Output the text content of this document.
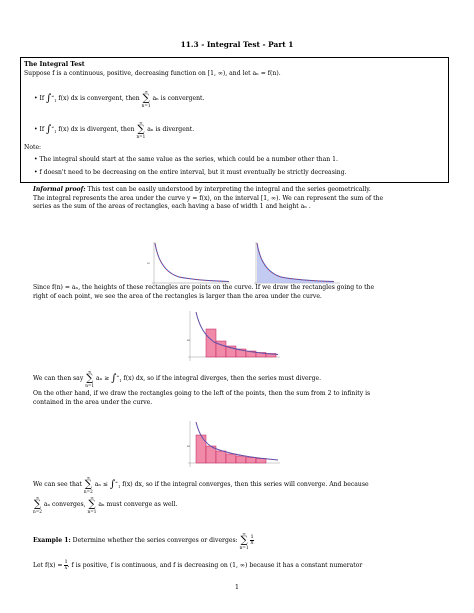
11.3 - Integral Test - Part 1
The Integral Test
Suppose f is a continuous, positive, decreasing function on [1, ∞), and let aₙ = f(n).
• If $\int^\infty_1$ f(x) dx is convergent, then
∞
∑
n=1
aₙ is convergent.
• If $\int^\infty_1$ f(x) dx is divergent, then
∞
∑
n=1
aₙ is divergent.
Note:
• The integral should start at the same value as the series, which could be a number other than 1.
• f doesn't need to be decreasing on the entire interval, but it must eventually be strictly decreasing.
Informal proof: This test can be easily understood by interpreting the integral and the series geometrically.
The integral represents the area under the curve y = f(x), on the interval [1, ∞). We can represent the sum of the
series as the sum of the areas of rectangles, each having a base of width 1 and height aₙ .
a₁
Since f(n) = aₙ, the heights of these rectangles are points on the curve. If we draw the rectangles going to the
right of each point, we see the area of the rectangles is larger than the area under the curve.
a₁
We can then say
∞
∑
n=1
$a_n \ge \int^\infty_1$ f(x) dx, so if the integral diverges, then the series must diverge.
On the other hand, if we draw the rectangles going to the left of the points, then the sum from 2 to infinity is
contained in the area under the curve.
a₁
We can see that
∞
∑
n=2
$a_n \le \int^\infty_1$ f(x) dx, so if the integral converges, then this series will converge. And because
∞
∑
n=2
aₙ converges,
∞
∑
n=1
aₙ must converge as well.
Example 1: Determine whether the series converges or diverges:
∞
∑
n=1

$\frac{1}{n}$
Let $f(x) = \frac{1}{x}$ . f is positive, f is continuous, and f is decreasing on (1, ∞) because it has a constant numerator
1
